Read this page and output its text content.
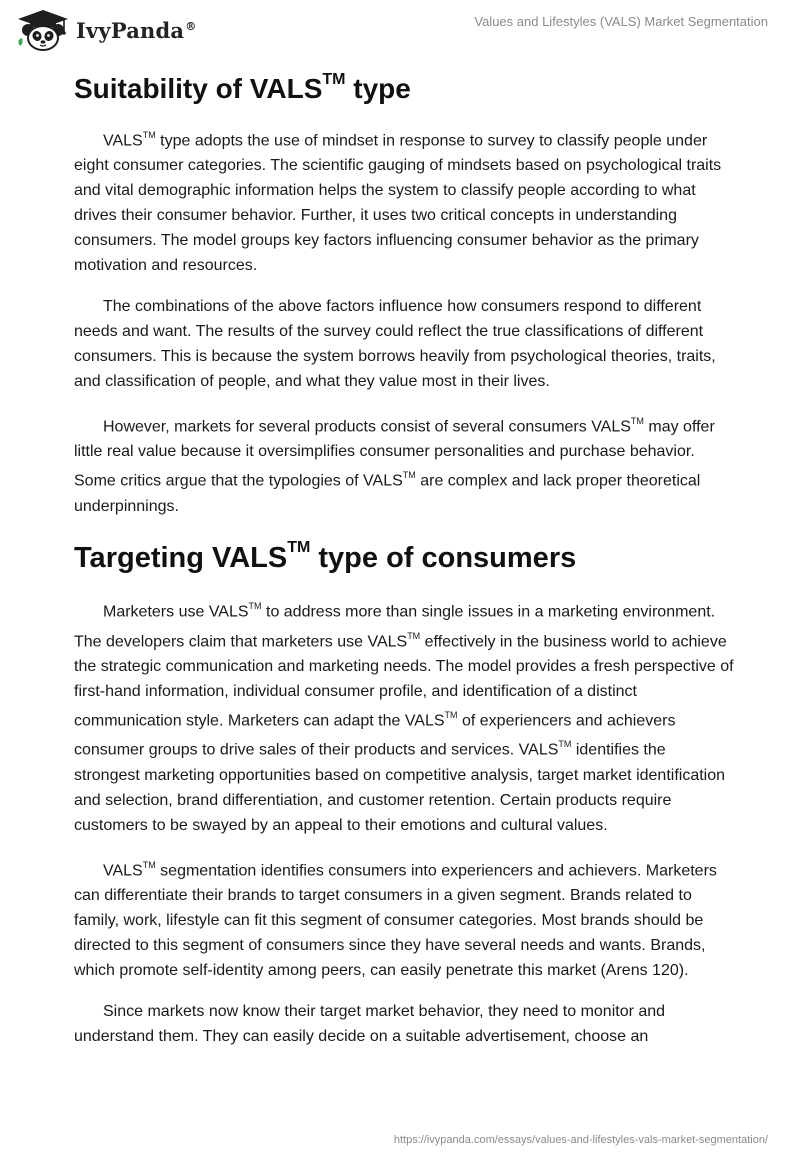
IvyPanda®	Values and Lifestyles (VALS) Market Segmentation
Suitability of VALS™ type

VALS™ type adopts the use of mindset in response to survey to classify people under eight consumer categories. The scientific gauging of mindsets based on psychological traits and vital demographic information helps the system to classify people according to what drives their consumer behavior. Further, it uses two critical concepts in understanding consumers. The model groups key factors influencing consumer behavior as the primary motivation and resources.

The combinations of the above factors influence how consumers respond to different needs and want. The results of the survey could reflect the true classifications of different consumers. This is because the system borrows heavily from psychological theories, traits, and classification of people, and what they value most in their lives.

However, markets for several products consist of several consumers VALS™ may offer little real value because it oversimplifies consumer personalities and purchase behavior. Some critics argue that the typologies of VALS™ are complex and lack proper theoretical underpinnings.

Targeting VALS™ type of consumers

Marketers use VALS™ to address more than single issues in a marketing environment. The developers claim that marketers use VALS™ effectively in the business world to achieve the strategic communication and marketing needs. The model provides a fresh perspective of first-hand information, individual consumer profile, and identification of a distinct communication style. Marketers can adapt the VALS™ of experiencers and achievers consumer groups to drive sales of their products and services. VALS™ identifies the strongest marketing opportunities based on competitive analysis, target market identification and selection, brand differentiation, and customer retention. Certain products require customers to be swayed by an appeal to their emotions and cultural values.

VALS™ segmentation identifies consumers into experiencers and achievers. Marketers can differentiate their brands to target consumers in a given segment. Brands related to family, work, lifestyle can fit this segment of consumer categories. Most brands should be directed to this segment of consumers since they have several needs and wants. Brands, which promote self-identity among peers, can easily penetrate this market (Arens 120).

Since markets now know their target market behavior, they need to monitor and understand them. They can easily decide on a suitable advertisement, choose an

https://ivypanda.com/essays/values-and-lifestyles-vals-market-segmentation/
